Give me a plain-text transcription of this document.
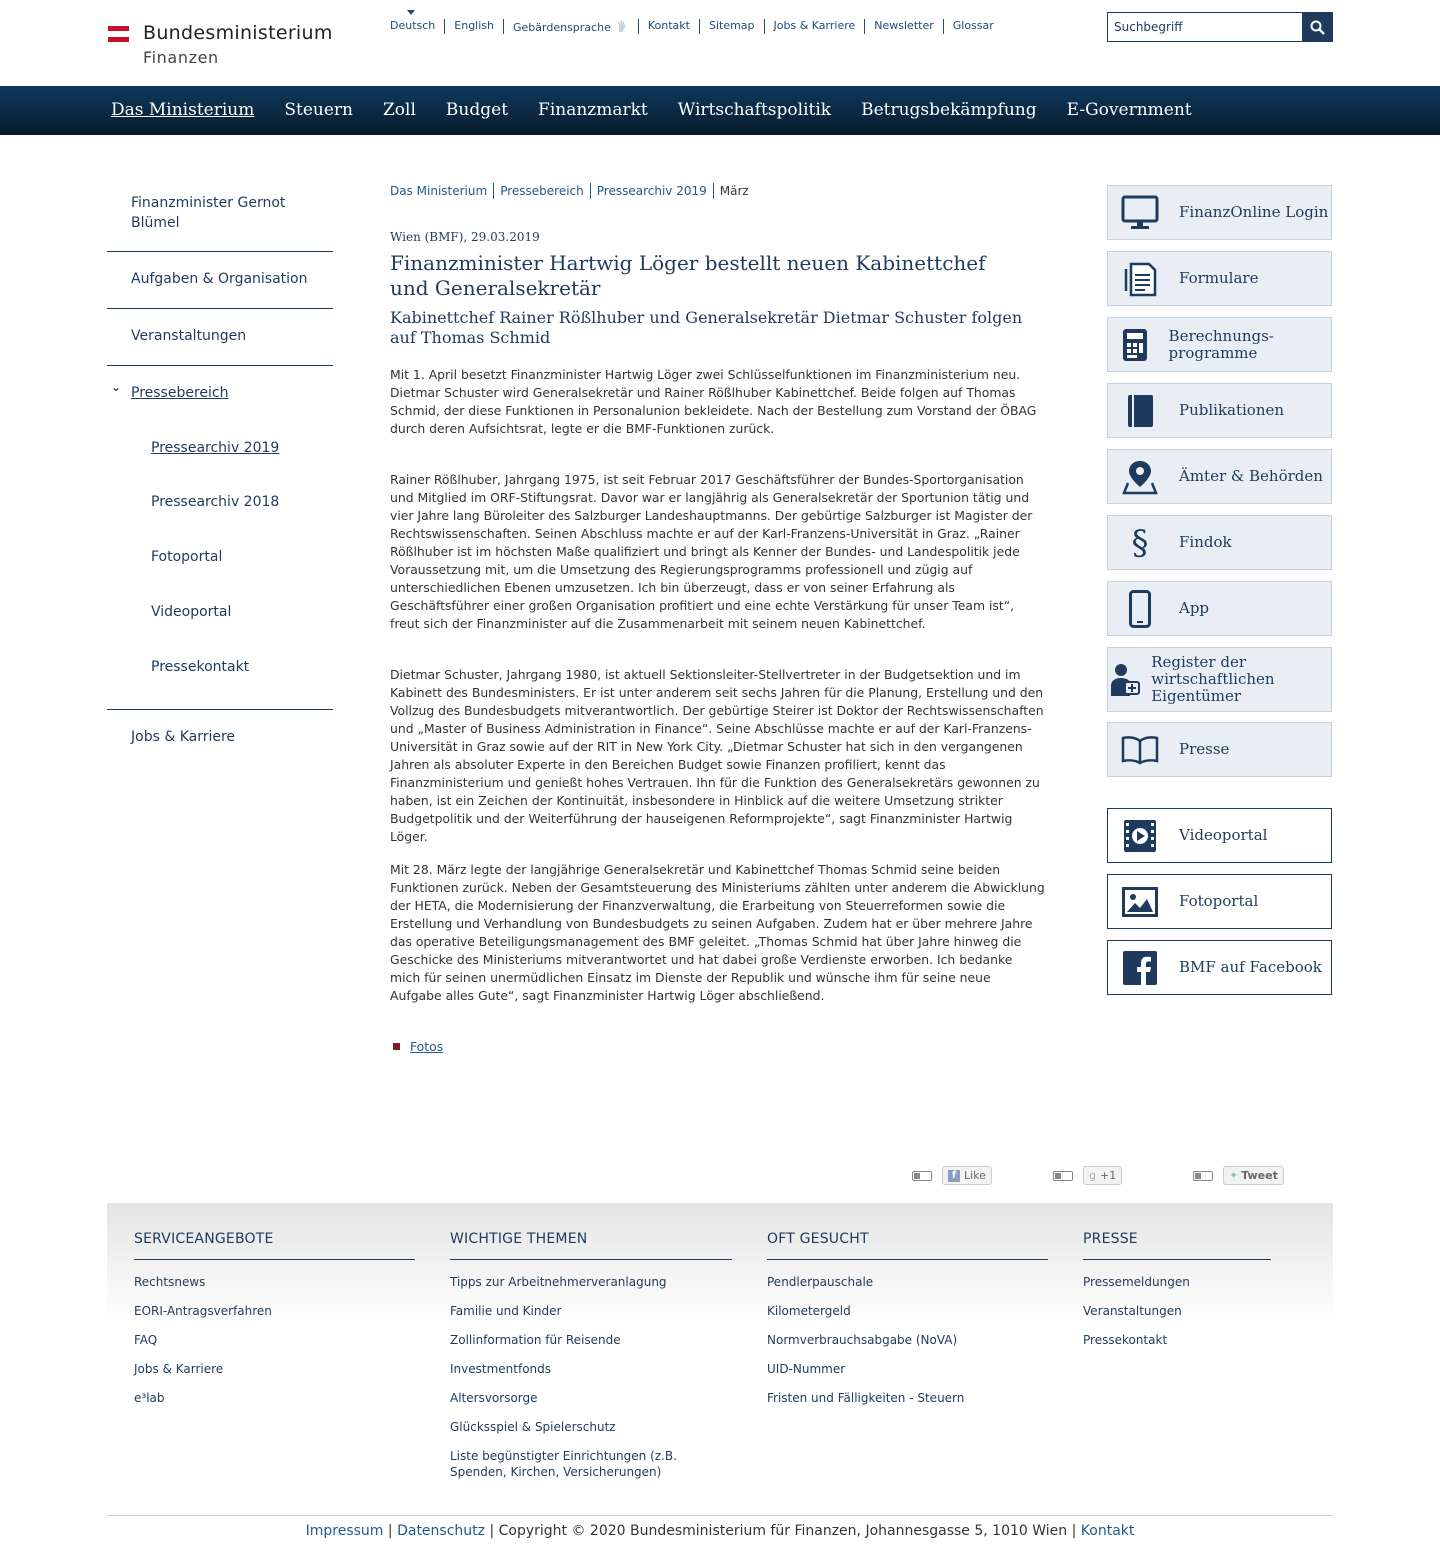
Bundesministerium
Finanzen
Deutsch	English	Gebärdensprache	Kontakt	Sitemap	Jobs & Karriere	Newsletter	Glossar
Suchbegriff
Das Ministerium Steuern Zoll Budget Finanzmarkt Wirtschaftspolitik Betrugsbekämpfung E-Government
Finanzminister Gernot Blümel
Aufgaben & Organisation
Veranstaltungen
⌄ Pressebereich
Pressearchiv 2019
Pressearchiv 2018
Fotoportal
Videoportal
Pressekontakt
Jobs & Karriere
Das Ministerium	Pressebereich	Pressearchiv 2019	März
Wien (BMF), 29.03.2019
Finanzminister Hartwig Löger bestellt neuen Kabinettchef und Generalsekretär
Kabinettchef Rainer Rößlhuber und Generalsekretär Dietmar Schuster folgen auf Thomas Schmid

Mit 1. April besetzt Finanzminister Hartwig Löger zwei Schlüsselfunktionen im Finanzministerium neu. Dietmar Schuster wird Generalsekretär und Rainer Rößlhuber Kabinettchef. Beide folgen auf Thomas Schmid, der diese Funktionen in Personalunion bekleidete. Nach der Bestellung zum Vorstand der ÖBAG durch deren Aufsichtsrat, legte er die BMF-Funktionen zurück.

Rainer Rößlhuber, Jahrgang 1975, ist seit Februar 2017 Geschäftsführer der Bundes-Sportorganisation und Mitglied im ORF-Stiftungsrat. Davor war er langjährig als Generalsekretär der Sportunion tätig und vier Jahre lang Büroleiter des Salzburger Landeshauptmanns. Der gebürtige Salzburger ist Magister der Rechtswissenschaften. Seinen Abschluss machte er auf der Karl-Franzens-Universität in Graz. „Rainer Rößlhuber ist im höchsten Maße qualifiziert und bringt als Kenner der Bundes- und Landespolitik jede Voraussetzung mit, um die Umsetzung des Regierungsprogramms professionell und zügig auf unterschiedlichen Ebenen umzusetzen. Ich bin überzeugt, dass er von seiner Erfahrung als Geschäftsführer einer großen Organisation profitiert und eine echte Verstärkung für unser Team ist“, freut sich der Finanzminister auf die Zusammenarbeit mit seinem neuen Kabinettchef.

Dietmar Schuster, Jahrgang 1980, ist aktuell Sektionsleiter-Stellvertreter in der Budgetsektion und im Kabinett des Bundesministers. Er ist unter anderem seit sechs Jahren für die Planung, Erstellung und den Vollzug des Bundesbudgets mitverantwortlich. Der gebürtige Steirer ist Doktor der Rechtswissenschaften und „Master of Business Administration in Finance“. Seine Abschlüsse machte er auf der Karl-Franzens-Universität in Graz sowie auf der RIT in New York City. „Dietmar Schuster hat sich in den vergangenen Jahren als absoluter Experte in den Bereichen Budget sowie Finanzen profiliert, kennt das Finanzministerium und genießt hohes Vertrauen. Ihn für die Funktion des Generalsekretärs gewonnen zu haben, ist ein Zeichen der Kontinuität, insbesondere in Hinblick auf die weitere Umsetzung strikter Budgetpolitik und der Weiterführung der hauseigenen Reformprojekte“, sagt Finanzminister Hartwig Löger.

Mit 28. März legte der langjährige Generalsekretär und Kabinettchef Thomas Schmid seine beiden Funktionen zurück. Neben der Gesamtsteuerung des Ministeriums zählten unter anderem die Abwicklung der HETA, die Modernisierung der Finanzverwaltung, die Erarbeitung von Steuerreformen sowie die Erstellung und Verhandlung von Bundesbudgets zu seinen Aufgaben. Zudem hat er über mehrere Jahre das operative Beteiligungsmanagement des BMF geleitet. „Thomas Schmid hat über Jahre hinweg die Geschicke des Ministeriums mitverantwortet und hat dabei große Verdienste erworben. Ich bedanke mich für seinen unermüdlichen Einsatz im Dienste der Republik und wünsche ihm für seine neue Aufgabe alles Gute“, sagt Finanzminister Hartwig Löger abschließend.

Fotos
FinanzOnline Login
Formulare
Berechnungs-programme
Publikationen
Ämter & Behörden
§	Findok
App
Register der wirtschaftlichen Eigentümer
Presse
Videoportal
Fotoportal
BMF auf Facebook
f Like	g +1	✦ Tweet
SERVICEANGEBOTE
Rechtsnews
EORI-Antragsverfahren
FAQ
Jobs & Karriere
e³lab
WICHTIGE THEMEN
Tipps zur Arbeitnehmerveranlagung
Familie und Kinder
Zollinformation für Reisende
Investmentfonds
Altersvorsorge
Glücksspiel & Spielerschutz
Liste begünstigter Einrichtungen (z.B. Spenden, Kirchen, Versicherungen)
OFT GESUCHT
Pendlerpauschale
Kilometergeld
Normverbrauchsabgabe (NoVA)
UID-Nummer
Fristen und Fälligkeiten - Steuern
PRESSE
Pressemeldungen
Veranstaltungen
Pressekontakt
Impressum | Datenschutz | Copyright © 2020 Bundesministerium für Finanzen, Johannesgasse 5, 1010 Wien | Kontakt
